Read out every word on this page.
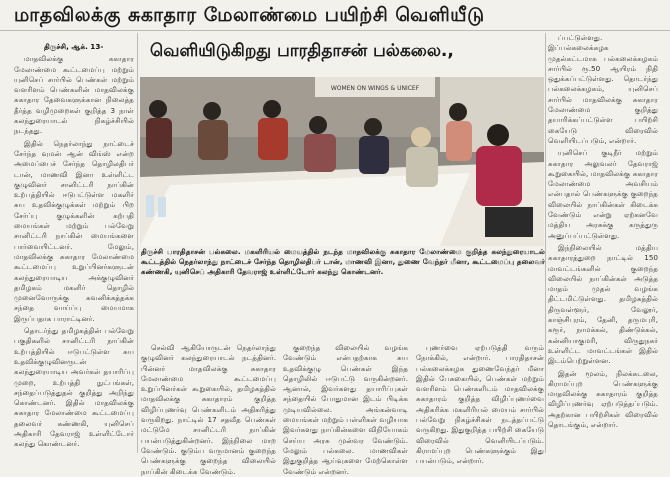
மாதவிலக்கு சுகாதார மேலாண்மை பயிற்சி வெளியீடு
வெளியிடுகிறது பாரதிதாசன் பல்கலை.,

திருச்சி, ஆக். 13-

மாதவிலக்கு சுகாதார மேலாண்மை கூட்டமைப்பு மற்றும் யுனிசெப் சார்பில் பெண்கள் மற்றும் வளரிளம் பெண்களின் மாதவிலக்கு சுகாதார தேவைகளுக்கான நிலைத்த தீர்த்த வழிமுறைகள் குறித்த 3 நாள் கலந்துரையாடல் நிகழ்ச்சியில் நடந்தது.

இதில் நெதர்லாந்து நாட்டைச் சேர்ந்த வுமன் ஆன் விங்ஸ் என்ற அமைப்பைச் சேர்ந்த தொழிலதிபர் டான், மாணவி இனா உள்ளிட்ட குழுவினர் சானிட்டரி நாப்கின் உற்பத்தியில் ஈடுபட்டுள்ள மகளிர் சுய உதவிக்குழுக்கள் மற்றும் பிற சேர்ப்பு குழுக்களின் கற்பதி மையங்கள் மற்றும் பல்வேறு சானிட்டரி நாப்கின் மையங்களை பார்வையிட்டனர். மேலும், மாதவிலக்கு சுகாதார மேலாண்மை கூட்டமைப்பு உறுப்பினர்களுடன் கலந்துரையாடிய அக்குழுவினர் தமிழகம் மகளிர் தொழில் முனைவோருக்கு கவனிக்கத்தக்க சந்தை வாய்ப்பு மையமாக இருப்பதாக பாராட்டினர்.

தொடர்ந்து தமிழகத்தின் பல்வேறு பகுதிகளில் சானிட்டரி நாப்கின் உற்பத்தியில் ஈடுபட்டுள்ள சுய உதவிக்குழுவினருடன் கலந்துரையாடிய அவர்கள் தயாரிப்பு முறை, உற்பத்தி நுட்பங்கள், சந்தைப்படுத்துதல் குறித்து அறிந்து கொண்டனர். இதில் மாதவிலக்கு சுகாதார மேலாண்மை கூட்டமைப்பு தலைவர் கண்ணகி, யுனிசெப் அதிகாரி தேவராஜ் உள்ளிட்டோர் கலந்து கொண்டனர்.

WOMEN ON WINGS & UNICEF
திருச்சி பாரதிதாசன் பல்கலை. மகளிரியல் மையத்தில் நடந்த மாதவிலக்கு சுகாதார மேலாண்மை குறித்த கலந்துரையாடல் கூட்டத்தில் நெதர்லாந்து நாட்டைச் சேர்ந்த தொழிலதிபர் டான், மாணவி இனா, துணை வேந்தர் மீனா, கூட்டமைப்பு தலைவர் கண்ணகி, யுனிசெப் அதிகாரி தேவராஜ் உள்ளிட்டோர் கலந்து கொண்டனர்.

செல்வி ஆகியோருடன் நெதர்லாந்து குழுவினர் கலந்துரையாடல் நடத்தினர். பின்னர் மாதவிலக்கு சுகாதார மேலாண்மை கூட்டமைப்பு உறுப்பினர்கள் கூறுகையில், தமிழகத்தில் மாதவிலக்கு சுகாதாரம் குறித்த விழிப்புணர்வு பெண்களிடம் அதிகரித்து வருகிறது. நாட்டில் 17 சதவீத பெண்கள் மட்டுமே சானிட்டரி நாப்கின் பயன்படுத்துகின்றனர். இந்நிலை மாற வேண்டும். குடும்ப வருமானம் குறைந்த பெண்களுக்கு குறைந்த விலையில் நாப்கின் கிடைக்க வேண்டும்.

குறைந்த விலையில் வழங்க வேண்டும் என்பதற்காக சுய உதவிக்குழு பெண்கள் இந்த தொழிலில் ஈடுபட்டு வருகின்றனர். ஆனால், இவர்களது தயாரிப்புகள் சந்தையில் போதுமான இடம் பிடிக்க முடியவில்லை. அங்கன்வாடி மையங்கள் மற்றும் பள்ளிகள் வழியாக இவர்களது நாப்கின்களை விநியோகம் செய்ய அரசு முன்வர வேண்டும். மேலும் பல்கலை. மாணவிகள் இதுகுறித்த ஆய்வுகளை மேற்கொள்ள வேண்டும் என்றனர்.

புணர்வை ஏற்படுத்தி வரும் நோக்கில், என்றார். பாரதிதாசன் பல்கலைக்கழக துணைவேந்தர் மீனா இதில் பேசுகையில், பெண்கள் மற்றும் வளரிளம் பெண்களிடம் மாதவிலக்கு சுகாதாரம் குறித்த விழிப்புணர்வை அதிகரிக்க மகளிரியல் மையம் சார்பில் பல்வேறு நிகழ்ச்சிகள் நடத்தப்பட்டு வருகிறது. இதுகுறித்த பயிற்சி கையேடு விரைவில் வெளியிடப்படும். கிராமப்புற பெண்களுக்கும் இது பயன்படும், என்றார்.

ப்பட்டுள்ளது. இப்பல்கலைக்கழக முதல்கட்டமாக பல்கலைக்கழகம் சார்பில் ரூ.50 ஆயிரம் நிதி ஒதுக்கப்பட்டுள்ளது. தொடர்ந்து பல்கலைக்கழகம், யுனிசெப் சார்பில் மாதவிலக்கு சுகாதார மேலாண்மை குறித்து தயாரிக்கப்பட்டுள்ள பயிற்சி கையேடு விரைவில் வெளியிடப்படும், என்றார்.

யுனிசெப் குடிநீர் மற்றும் சுகாதார அலுவலர் தேவராஜ் கூறுகையில், மாதவிலக்கு சுகாதார மேலாண்மை அவசியம் என்பதால் பெண்களுக்கு குறைந்த விலையில் நாப்கின்கள் கிடைக்க வேண்டும் என்று ஏற்கனவே மத்திய அரசுக்கு கருத்துரு அனுப்பப்பட்டுள்ளது.

இந்நிலையில் மத்திய சுகாதாரத்துறை நாட்டில் 150 மாவட்டங்களில் குறைந்த விலையில் நாப்கின்கள் அடுத்த மாதம் முதல் வழங்க திட்டமிட்டுள்ளது. தமிழகத்தில் திருவள்ளூர், வேலூர், காஞ்சிபுரம், தேனி, தருமபுரி, கரூர், நாமக்கல், திண்டுக்கல், கன்னியாகுமரி, விருதுநகர் உள்ளிட்ட மாவட்டங்கள் இதில் இடம்பெற்றுள்ளன.

இதன் மூலம், நிலக்கடலை, கிராமப்புற பெண்களுக்கு மாதவிலக்கு சுகாதாரம் குறித்த விழிப்புணர்வு ஏற்படுத்தப்படும். அதற்கான பயிற்சிகள் விரைவில் தொடங்கும், என்றார்.
